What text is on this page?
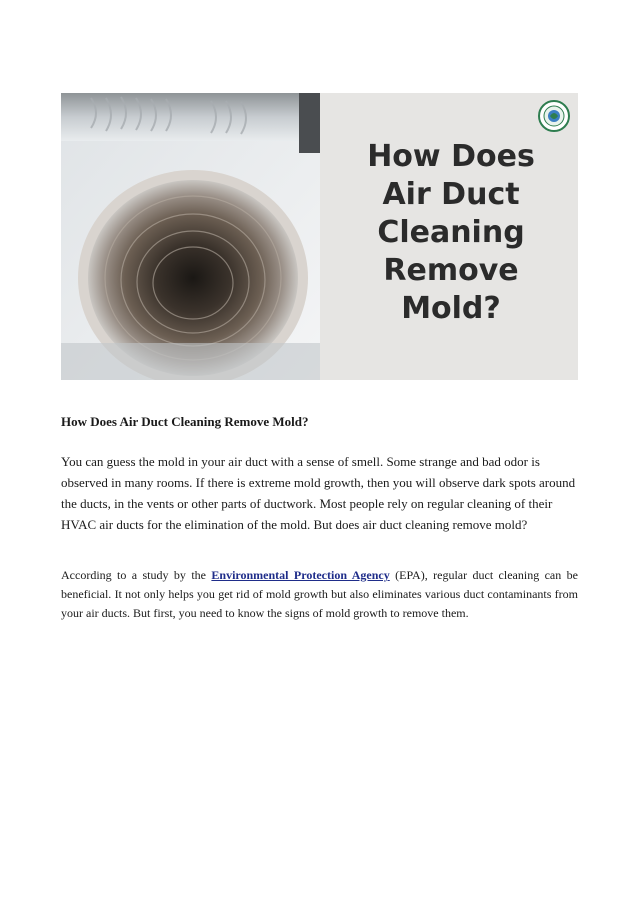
How Does
Air Duct
Cleaning
Remove
Mold?

How Does Air Duct Cleaning Remove Mold?

You can guess the mold in your air duct with a sense of smell. Some strange and bad odor is observed in many rooms. If there is extreme mold growth, then you will observe dark spots around the ducts, in the vents or other parts of ductwork. Most people rely on regular cleaning of their HVAC air ducts for the elimination of the mold. But does air duct cleaning remove mold?

According to a study by the Environmental Protection Agency (EPA), regular duct cleaning can be beneficial. It not only helps you get rid of mold growth but also eliminates various duct contaminants from your air ducts. But first, you need to know the signs of mold growth to remove them.
